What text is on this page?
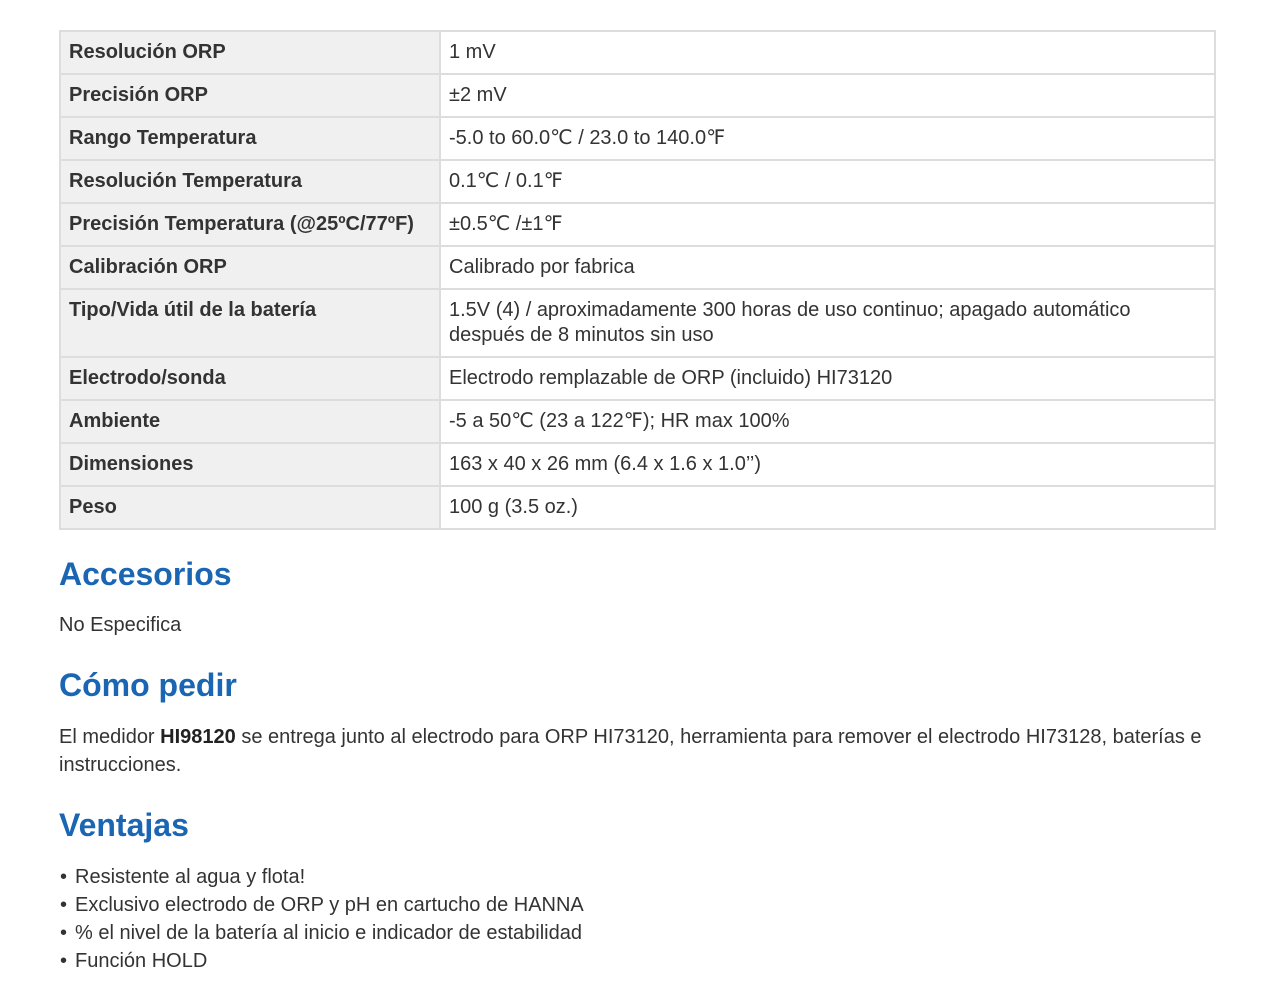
Resolución ORP	1 mV
Precisión ORP	±2 mV
Rango Temperatura	-5.0 to 60.0℃ / 23.0 to 140.0℉
Resolución Temperatura	0.1℃ / 0.1℉
Precisión Temperatura (@25ºC/77ºF)	±0.5℃ /±1℉
Calibración ORP	Calibrado por fabrica
Tipo/Vida útil de la batería	1.5V (4) / aproximadamente 300 horas de uso continuo; apagado automático después de 8 minutos sin uso
Electrodo/sonda	Electrodo remplazable de ORP (incluido) HI73120
Ambiente	-5 a 50℃ (23 a 122℉); HR max 100%
Dimensiones	163 x 40 x 26 mm (6.4 x 1.6 x 1.0’’)
Peso	100 g (3.5 oz.)
Accesorios

No Especifica

Cómo pedir

El medidor HI98120 se entrega junto al electrodo para ORP HI73120, herramienta para remover el electrodo HI73128, baterías e instrucciones.

Ventajas
• Resistente al agua y flota!
• Exclusivo electrodo de ORP y pH en cartucho de HANNA
• % el nivel de la batería al inicio e indicador de estabilidad
• Función HOLD
